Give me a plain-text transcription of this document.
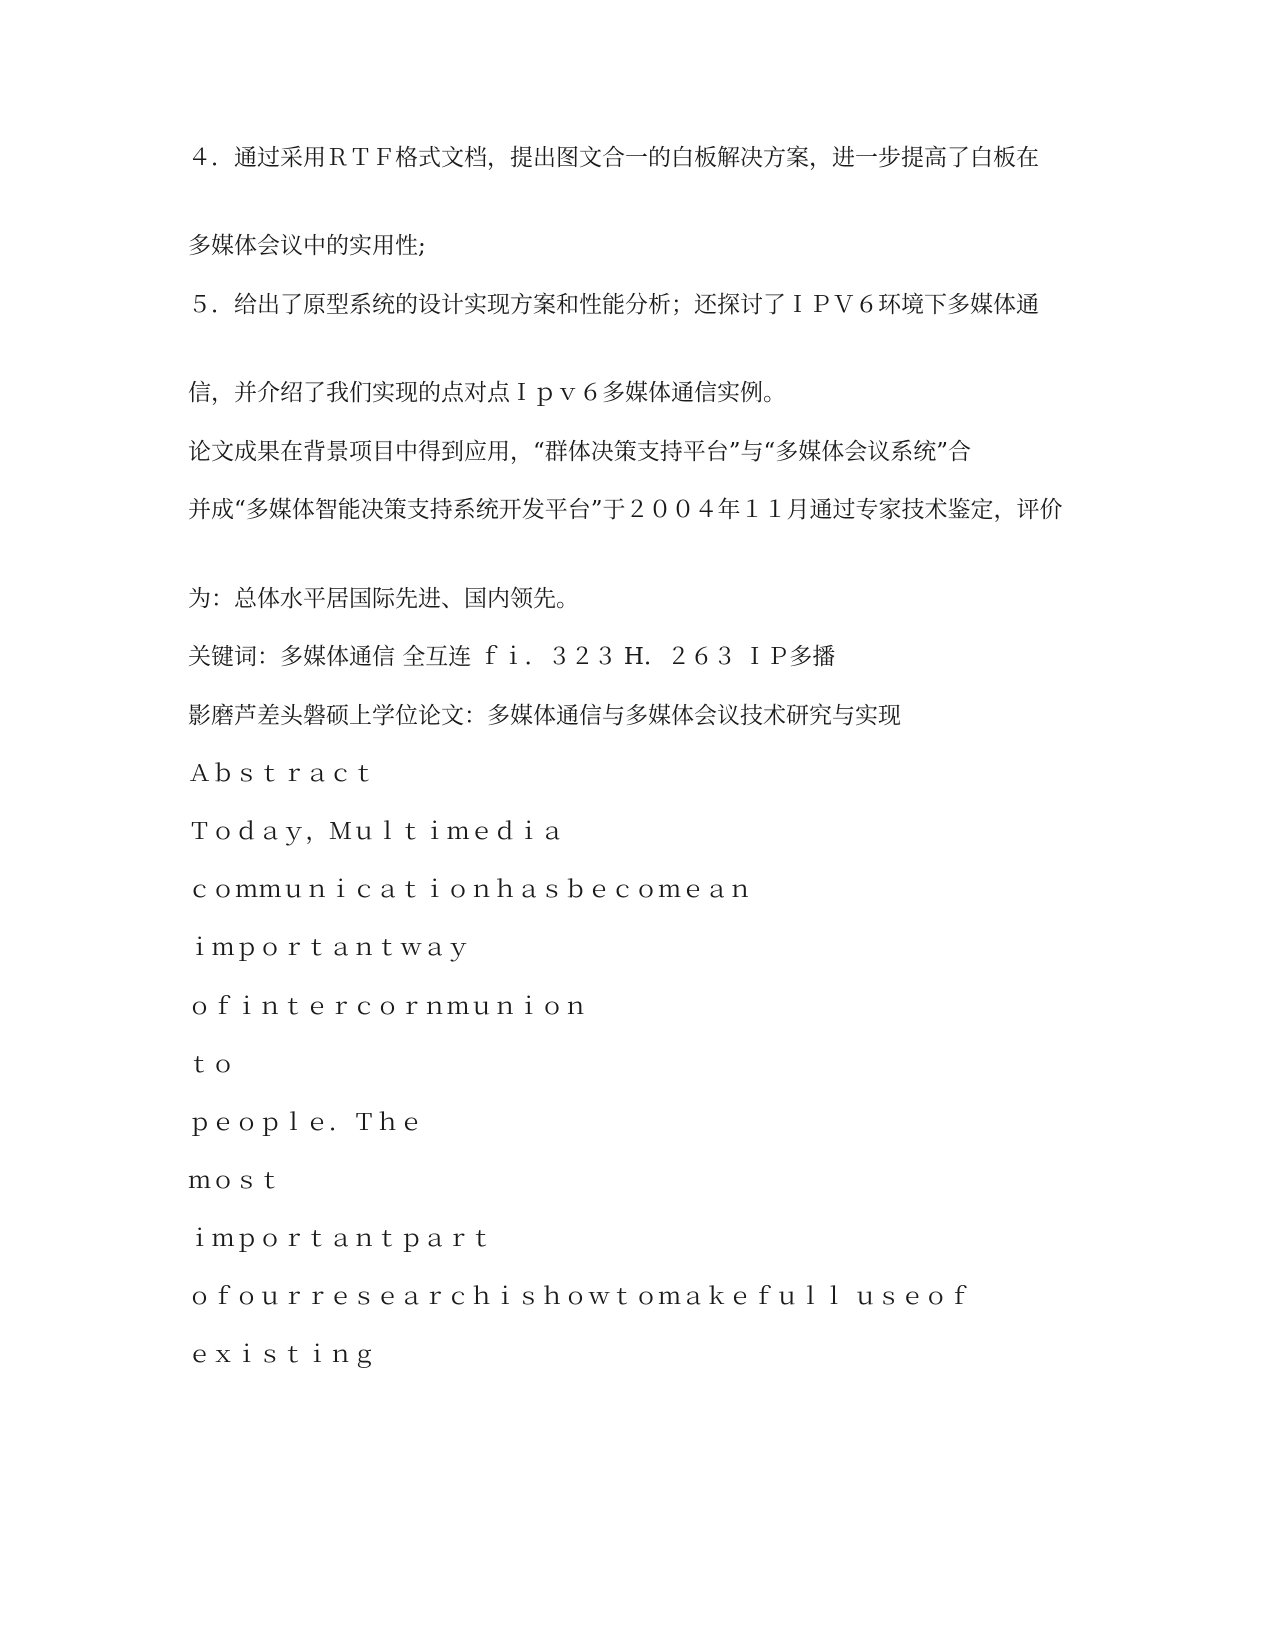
４．通过采用ＲＴＦ格式文档，提出图文合一的白板解决方案，进一步提高了白板在
多媒体会议中的实用性;
５．给出了原型系统的设计实现方案和性能分析；还探讨了ＩＰＶ６环境下多媒体通
信，并介绍了我们实现的点对点Ｉｐｖ６多媒体通信实例。
论文成果在背景项目中得到应用，“群体决策支持平台”与“多媒体会议系统”合
并成“多媒体智能决策支持系统开发平台”于２００４年１１月通过专家技术鉴定，评价
为：总体水平居国际先进、国内领先。
关键词：多媒体通信 全互连 ｆｉ．３２３ H．２６３ ＩＰ多播
影磨芦差头磐硕上学位论文：多媒体通信与多媒体会议技术研究与实现
Ａｂｓｔｒａｃｔ
Ｔｏｄａｙ，Ｍｕｌｔｉｍｅｄｉａ
ｃｏｍｍｕｎｉｃａｔｉｏｎｈａｓｂｅｃｏｍｅａｎ
ｉｍｐｏｒｔａｎｔｗａｙ
ｏｆｉｎｔｅｒｃｏｒｎｍｕｎｉｏｎ
ｔｏ
ｐｅｏｐｌｅ．Ｔｈｅ
ｍｏｓｔ
ｉｍｐｏｒｔａｎｔｐａｒｔ
ｏｆｏｕｒｒｅｓｅａｒｃｈｉｓｈｏｗｔｏｍａｋｅｆｕｌｌ ｕｓｅｏｆ
ｅｘｉｓｔｉｎｇ
